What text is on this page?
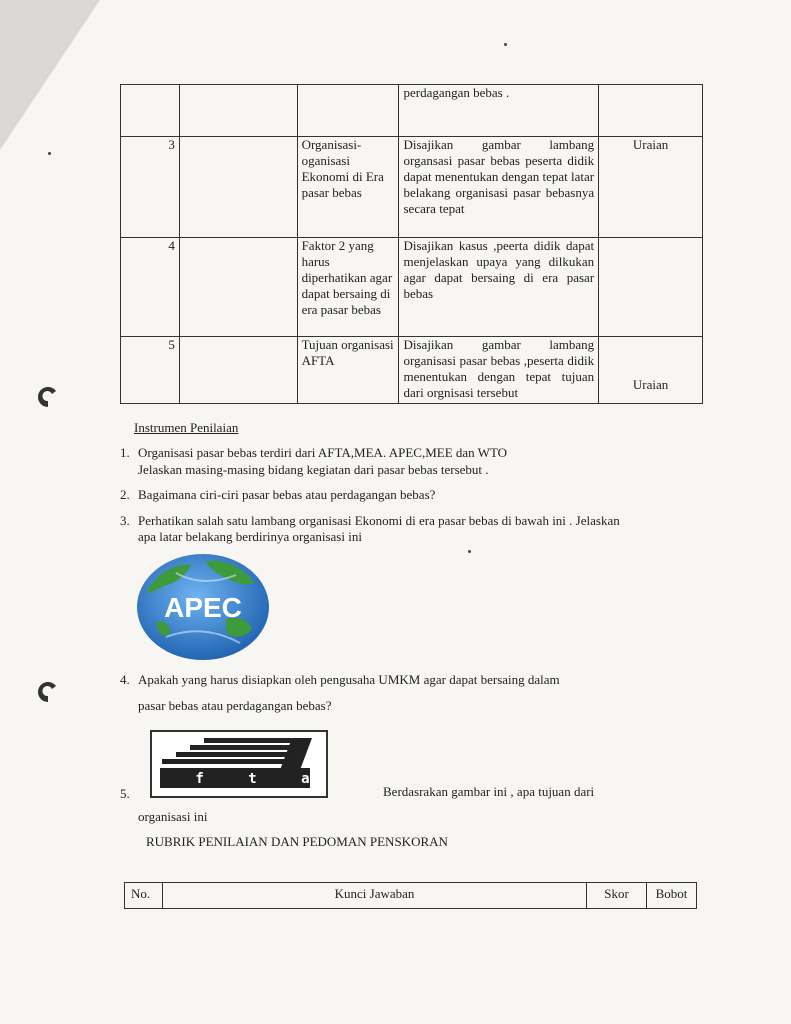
			perdagangan bebas .	
3		Organisasi-oganisasi Ekonomi di Era pasar bebas	Disajikan gambar lambang organsasi pasar bebas peserta didik dapat menentukan dengan tepat latar belakang organisasi pasar bebasnya secara tepat	Uraian
4		Faktor 2 yang harus diperhatikan agar dapat bersaing di era pasar bebas	Disajikan kasus ,peerta didik dapat menjelaskan upaya yang dilkukan agar dapat bersaing di era pasar bebas	
5		Tujuan organisasi AFTA	Disajikan gambar lambang organisasi pasar bebas ,peserta didik menentukan dengan tepat tujuan dari orgnisasi tersebut	Uraian
Instrumen Penilaian
1. Organisasi pasar bebas terdiri dari AFTA,MEA. APEC,MEE dan WTO
Jelaskan masing-masing bidang kegiatan dari pasar bebas tersebut .
2. Bagaimana ciri-ciri pasar bebas atau perdagangan bebas?
3. Perhatikan salah satu lambang organisasi Ekonomi di era pasar bebas di bawah ini . Jelaskan
apa latar belakang berdirinya organisasi ini
APEC
4. Apakah yang harus disiapkan oleh pengusaha UMKM agar dapat bersaing dalam
pasar bebas atau perdagangan bebas?
a f t a
5.	Berdasrakan gambar ini , apa tujuan dari
organisasi ini
RUBRIK PENILAIAN DAN PEDOMAN PENSKORAN
No.	Kunci Jawaban	Skor	Bobot
